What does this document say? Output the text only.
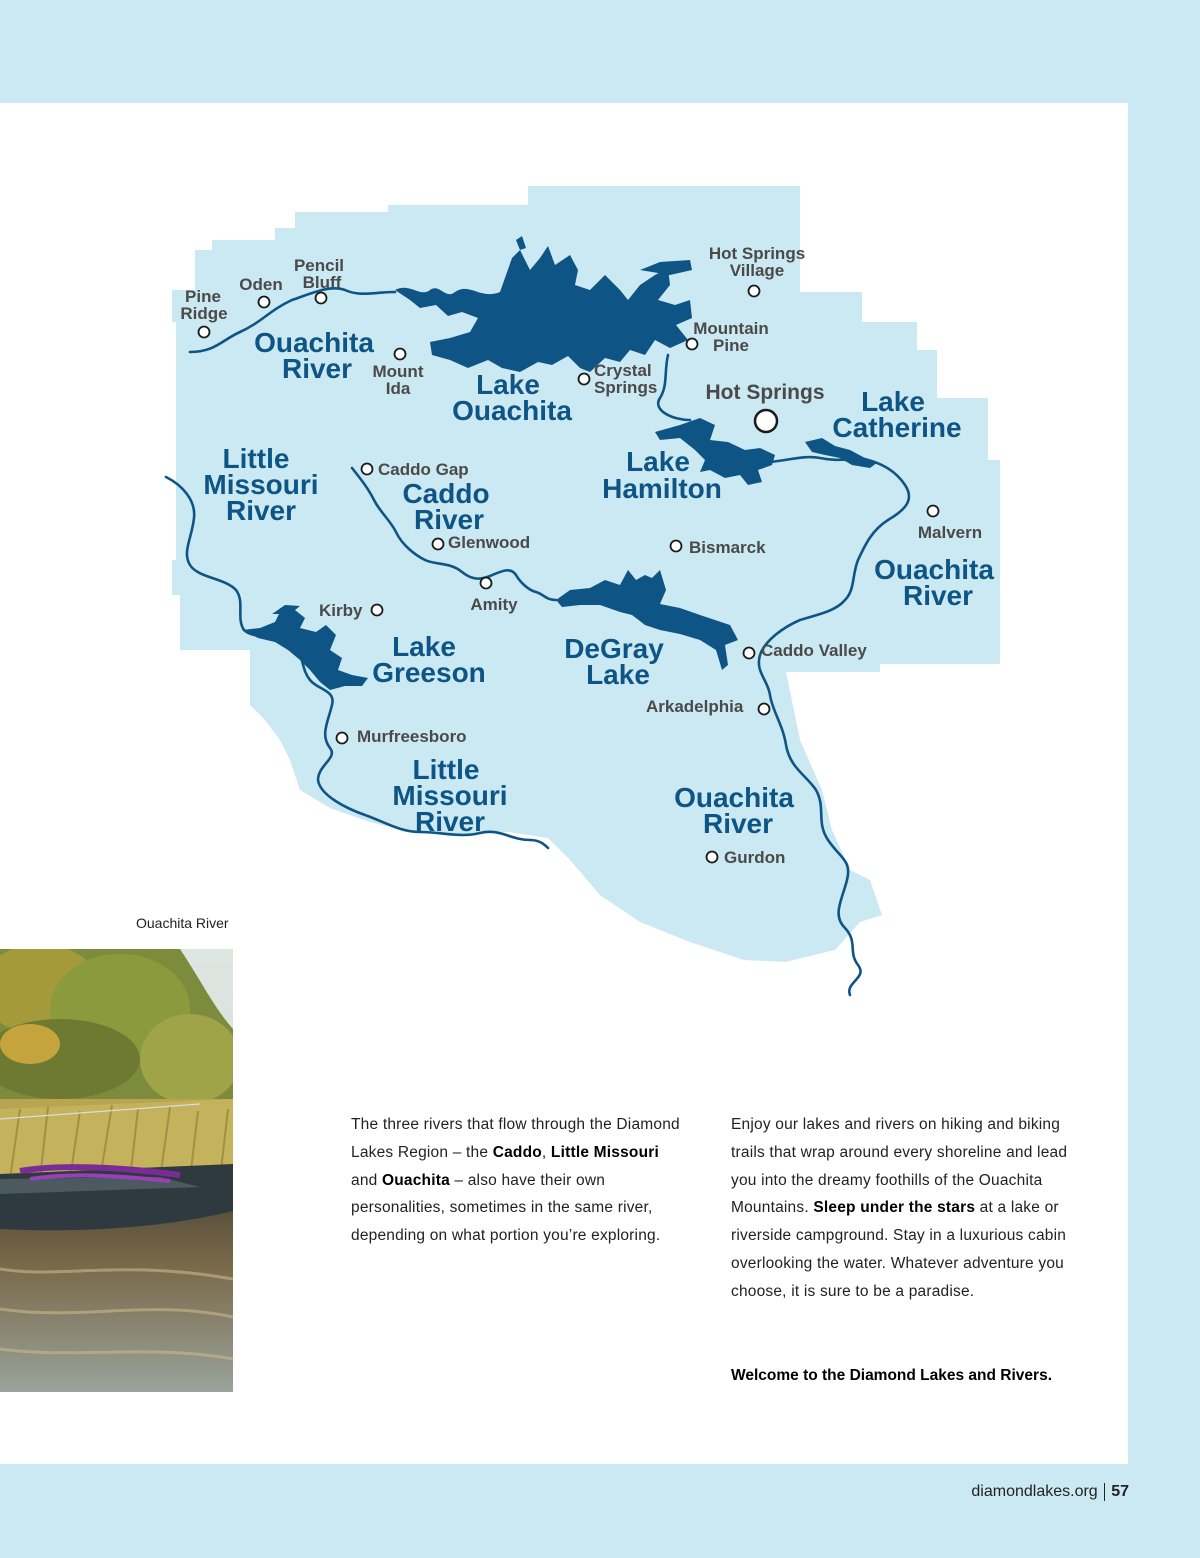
Pine
Ridge
Oden
Pencil
Bluff
Hot Springs
Village
Mountain
Pine
Mount
Ida
Crystal
Springs Hot Springs
Caddo Gap
Glenwood	Bismarck
Malvern
Amity
Kirby
Caddo Valley
Arkadelphia
Murfreesboro
Gurdon
Ouachita
River
Lake
Ouachita	Lake
Catherine
Lake
Hamilton
Little
Missouri
River
Caddo
River
Ouachita
River
Lake
Greeson
DeGray
Lake
Little
Missouri
River
Ouachita
River
Ouachita River
The three rivers that flow through the Diamond Lakes Region – the Caddo, Little Missouri and Ouachita – also have their own personalities, sometimes in the same river, depending on what portion you’re exploring.
Enjoy our lakes and rivers on hiking and biking trails that wrap around every shoreline and lead you into the dreamy foothills of the Ouachita Mountains. Sleep under the stars at a lake or riverside campground. Stay in a luxurious cabin overlooking the water. Whatever adventure you choose, it is sure to be a paradise.
Welcome to the Diamond Lakes and Rivers.
diamondlakes.org 57
